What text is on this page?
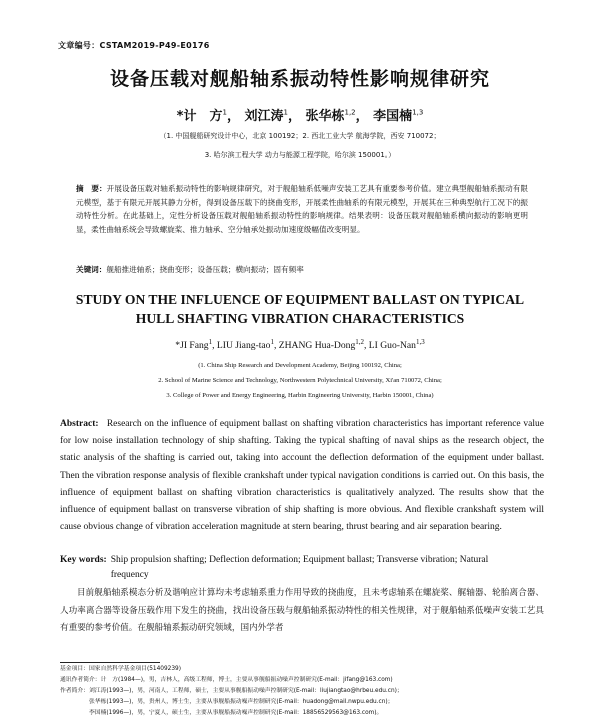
文章编号：CSTAM2019-P49-E0176
设备压载对舰船轴系振动特性影响规律研究
*计　方$^1$， 刘江涛$^1$， 张华栋$^{1,2}$， 李国楠$^{1,3}$
（1. 中国舰船研究设计中心，北京 100192；2. 西北工业大学 航海学院，西安 710072；
3. 哈尔滨工程大学 动力与能源工程学院，哈尔滨 150001。）
摘　要：开展设备压载对轴系振动特性的影响规律研究，对于舰船轴系低噪声安装工艺具有重要参考价值。建立典型舰船轴系振动有限元模型，基于有限元开展其静力分析，得到设备压载下的挠曲变形，开展柔性曲轴系的有限元模型，开展其在三种典型航行工况下的振动特性分析。在此基础上，定性分析设备压载对舰船轴系振动特性的影响规律。结果表明：设备压载对舰船轴系横向振动的影响更明显，柔性曲轴系统会导致螺旋桨、推力轴承、空分轴承处振动加速度级幅值改变明显。
关键词：舰船推进轴系；挠曲变形；设备压载；横向振动；固有频率
STUDY ON THE INFLUENCE OF EQUIPMENT BALLAST ON TYPICAL
HULL SHAFTING VIBRATION CHARACTERISTICS
*JI Fang$^1$, LIU Jiang-tao$^1$, ZHANG Hua-Dong$^{1,2}$, LI Guo-Nan$^{1,3}$
(1. China Ship Research and Development Academy, Beijing 100192, China;
2. School of Marine Science and Technology, Northwestern Polytechnical University, Xi'an 710072, China;
3. College of Power and Energy Engineering, Harbin Engineering University, Harbin 150001, China)
Abstract: Research on the influence of equipment ballast on shafting vibration characteristics has important reference value for low noise installation technology of ship shafting. Taking the typical shafting of naval ships as the research object, the static analysis of the shafting is carried out, taking into account the deflection deformation of the equipment under ballast. Then the vibration response analysis of flexible crankshaft under typical navigation conditions is carried out. On this basis, the influence of equipment ballast on shafting vibration characteristics is qualitatively analyzed. The results show that the influence of equipment ballast on transverse vibration of ship shafting is more obvious. And flexible crankshaft system will cause obvious change of vibration acceleration magnitude at stern bearing, thrust bearing and air separation bearing.
Key words: Ship propulsion shafting; Deflection deformation; Equipment ballast; Transverse vibration; Natural frequency
目前舰船轴系模态分析及谐响应计算均未考虑轴系重力作用导致的挠曲度，且未考虑轴系在螺旋桨、艉轴器、轮胎离合器、人功率离合器等设备压载作用下发生的挠曲，找出设备压载与舰船轴系振动特性的相关性规律，对于舰船轴系低噪声安装工艺具有重要的参考价值。在舰船轴系振动研究领域，国内外学者
基金项目：国家自然科学基金项目(51409239)
通讯作者简介：计　方(1984—)，男，吉林人，高级工程师，博士，主要从事舰船振动噪声控制研究(E-mail：jifang@163.com)
作者简介：刘江涛(1993—)，男，河南人，工程师，硕士，主要从事舰船振动噪声控制研究(E-mail：liujiangtao@hrbeu.edu.cn)；
　　　　　张华栋(1993—)，男，贵州人，博士生，主要从事舰船振动噪声控制研究(E-mail：huadong@mail.nwpu.edu.cn)；
　　　　　李国楠(1996—)，男，宁夏人，硕士生，主要从事舰船振动噪声控制研究(E-mail：18856529563@163.com)。
